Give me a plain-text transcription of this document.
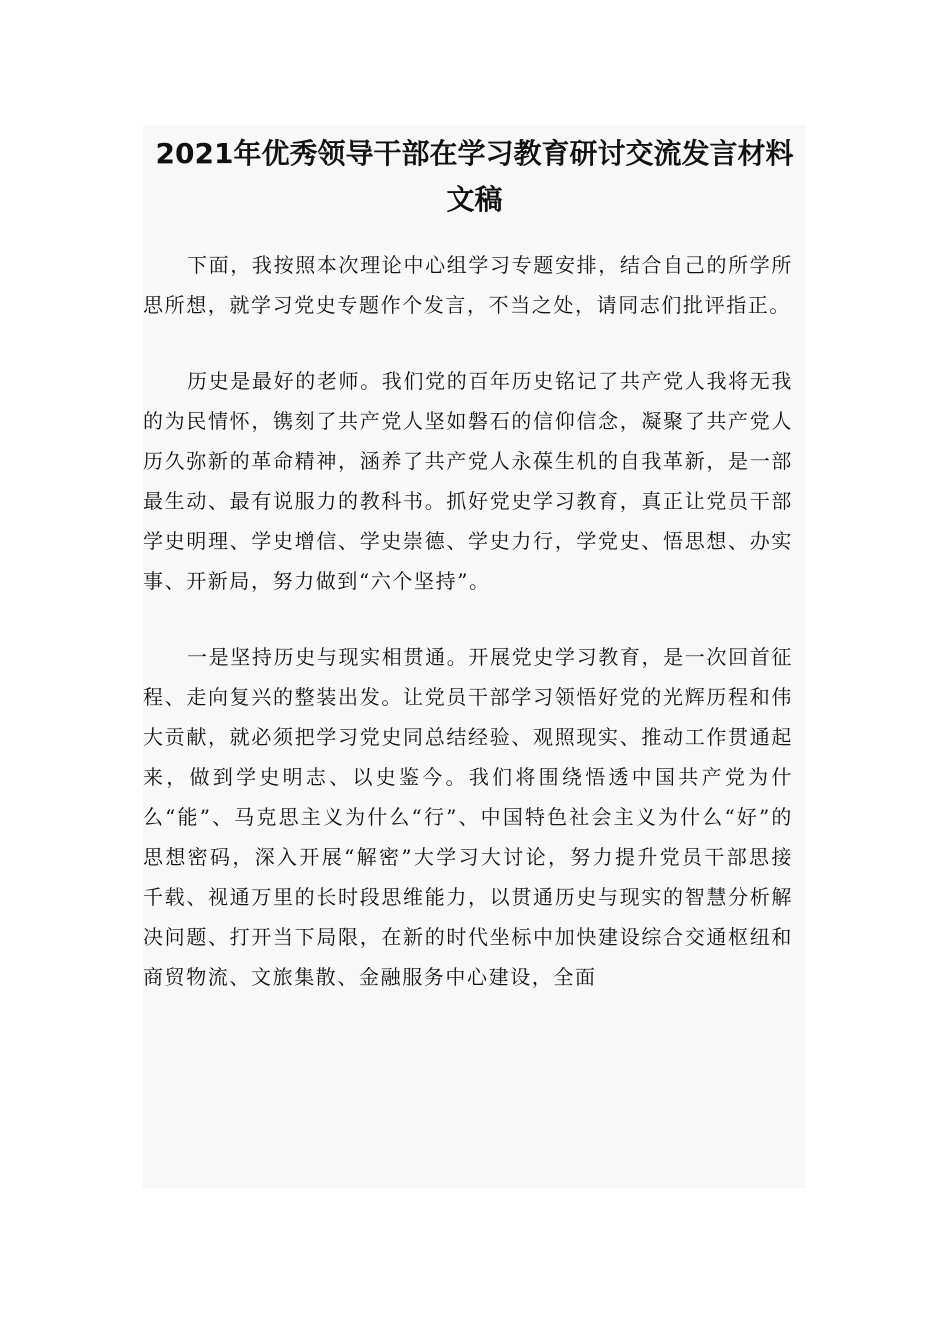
2021年优秀领导干部在学习教育研讨交流发言材料
文稿

下面，我按照本次理论中心组学习专题安排，结合自己的所学所思所想，就学习党史专题作个发言，不当之处，请同志们批评指正。

历史是最好的老师。我们党的百年历史铭记了共产党人我将无我的为民情怀，镌刻了共产党人坚如磐石的信仰信念，凝聚了共产党人历久弥新的革命精神，涵养了共产党人永葆生机的自我革新，是一部最生动、最有说服力的教科书。抓好党史学习教育，真正让党员干部学史明理、学史增信、学史崇德、学史力行，学党史、悟思想、办实事、开新局，努力做到“六个坚持”。

一是坚持历史与现实相贯通。开展党史学习教育，是一次回首征程、走向复兴的整装出发。让党员干部学习领悟好党的光辉历程和伟大贡献，就必须把学习党史同总结经验、观照现实、推动工作贯通起来，做到学史明志、以史鉴今。我们将围绕悟透中国共产党为什么“能”、马克思主义为什么“行”、中国特色社会主义为什么“好”的思想密码，深入开展“解密”大学习大讨论，努力提升党员干部思接千载、视通万里的长时段思维能力，以贯通历史与现实的智慧分析解决问题、打开当下局限，在新的时代坐标中加快建设综合交通枢纽和商贸物流、文旅集散、金融服务中心建设，全面
